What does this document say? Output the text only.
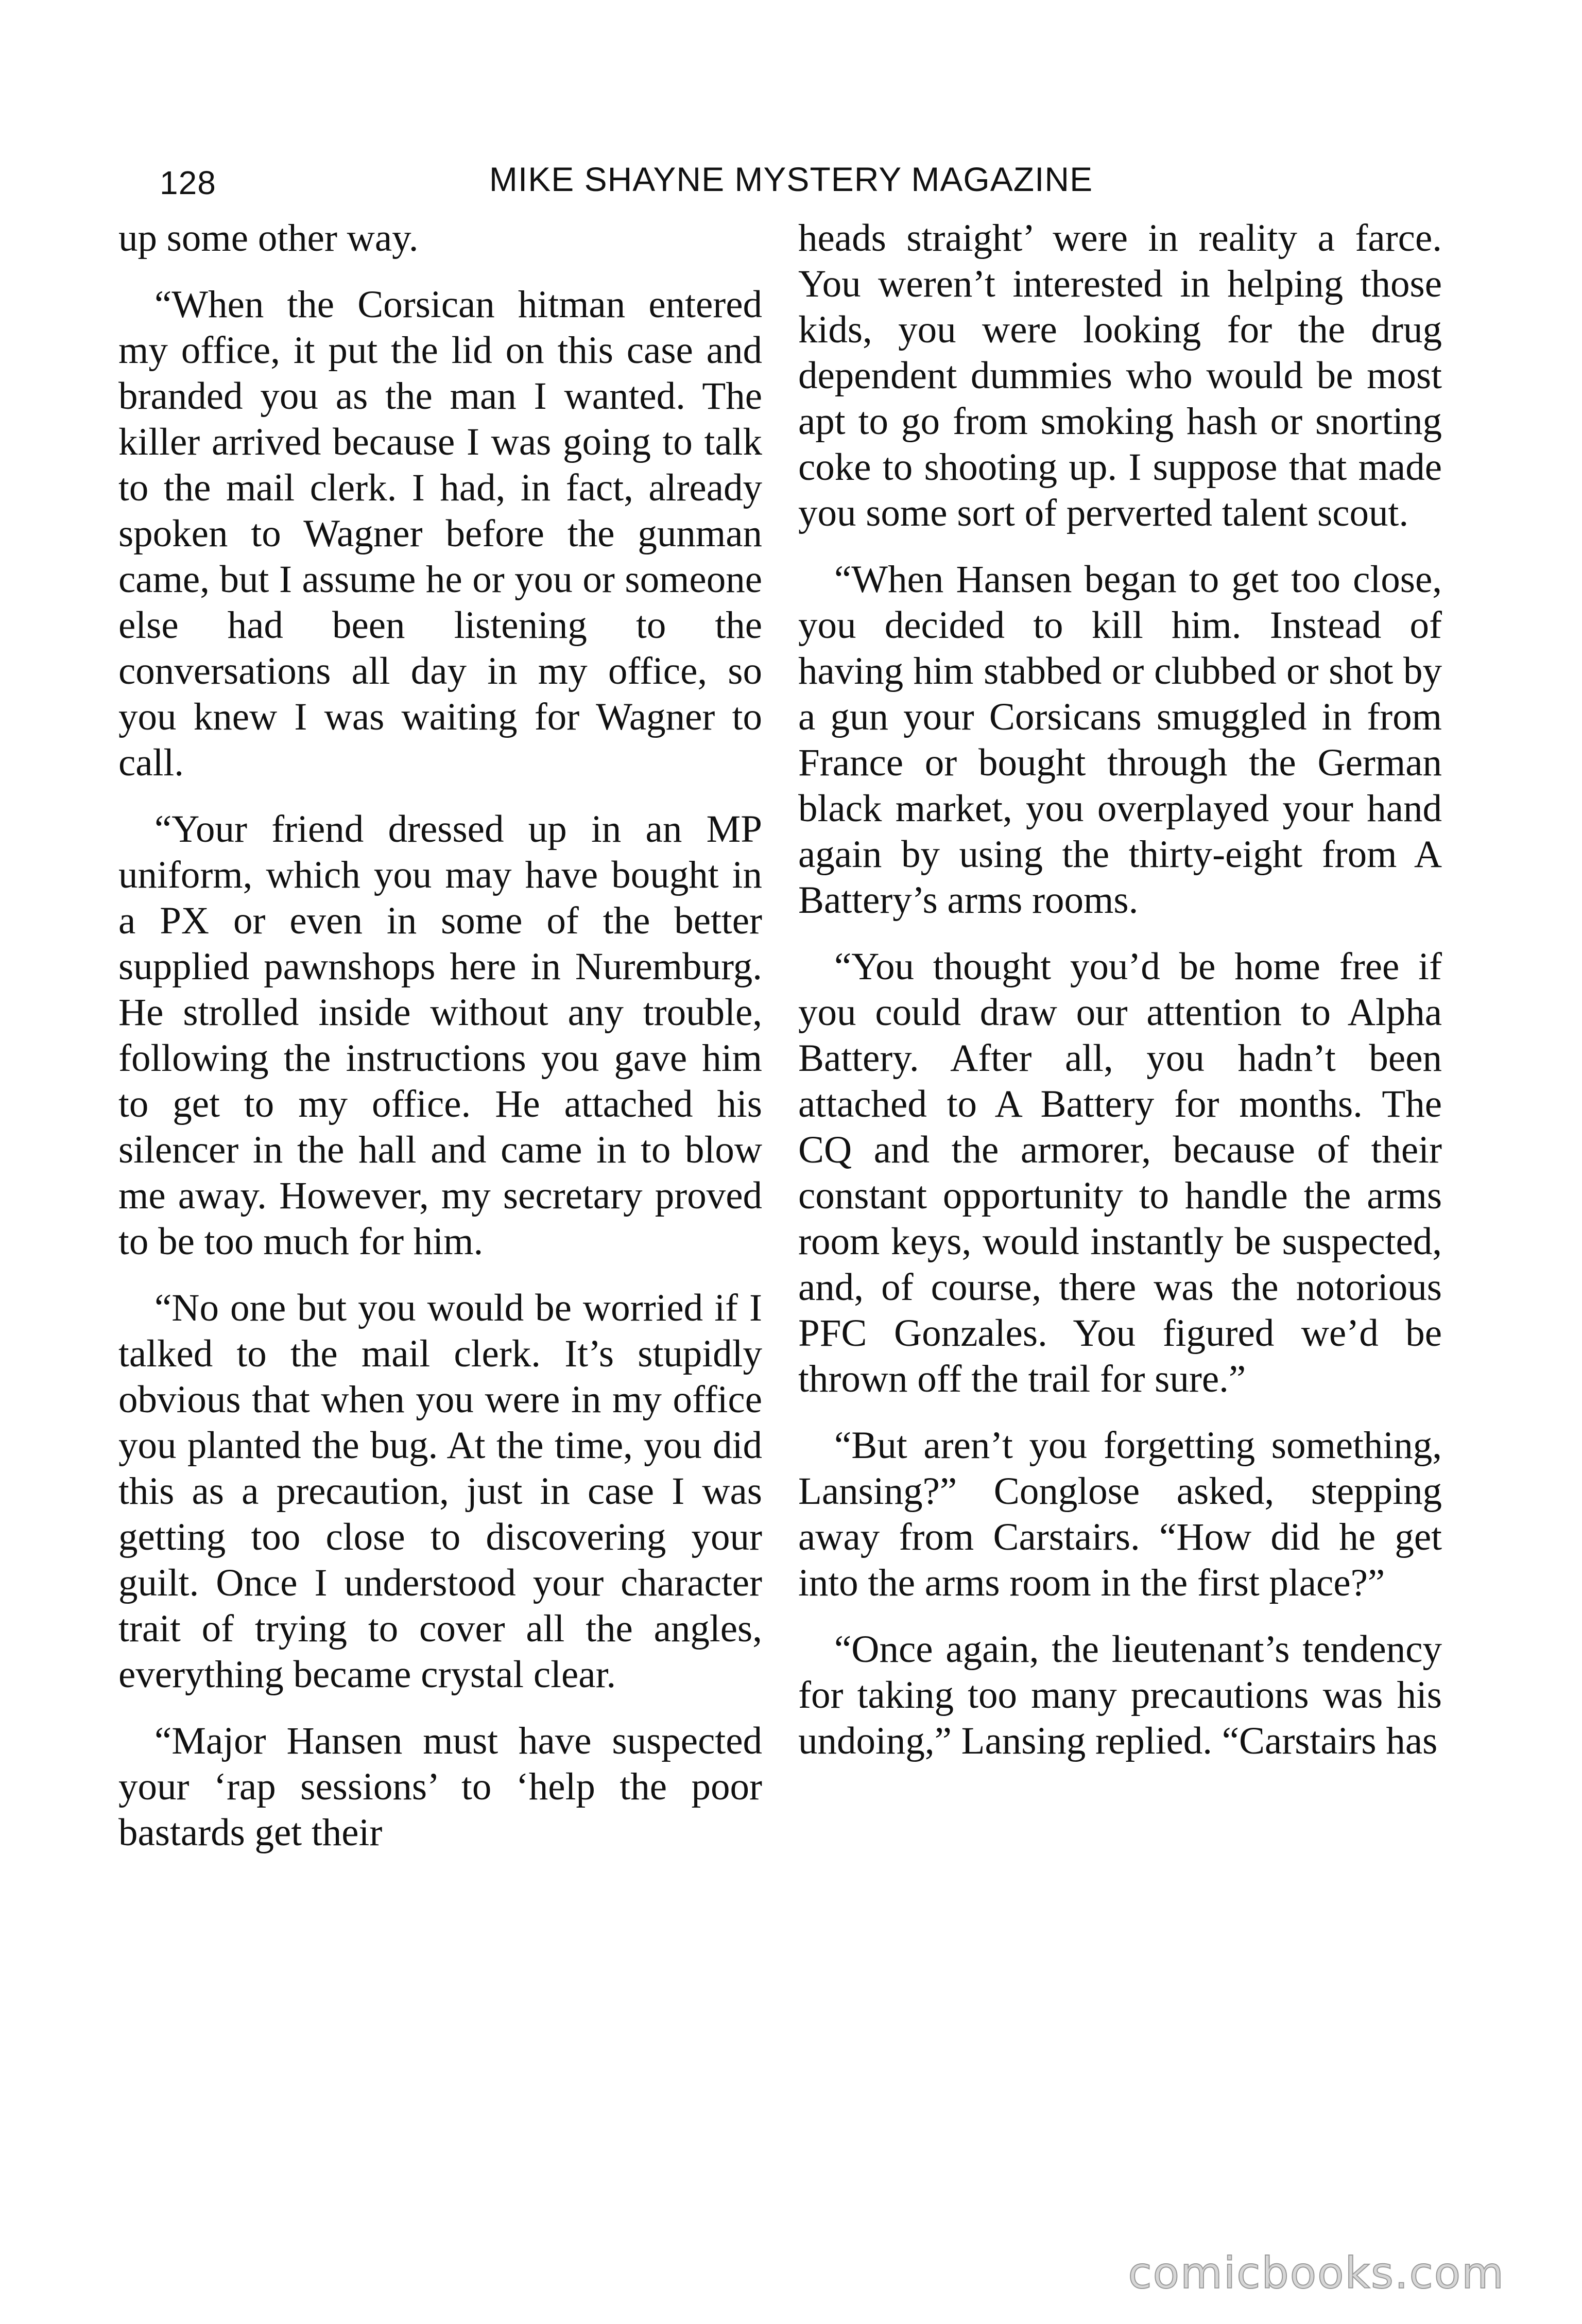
128	MIKE SHAYNE MYSTERY MAGAZINE

up some other way.

“When the Corsican hitman entered my office, it put the lid on this case and branded you as the man I wanted. The killer arrived because I was going to talk to the mail clerk. I had, in fact, already spoken to Wagner before the gunman came, but I assume he or you or someone else had been listening to the conversations all day in my office, so you knew I was waiting for Wagner to call.

“Your friend dressed up in an MP uniform, which you may have bought in a PX or even in some of the better supplied pawnshops here in Nuremburg. He strolled inside without any trouble, following the instructions you gave him to get to my office. He attached his silencer in the hall and came in to blow me away. However, my secretary proved to be too much for him.

“No one but you would be worried if I talked to the mail clerk. It’s stupidly obvious that when you were in my office you planted the bug. At the time, you did this as a precaution, just in case I was getting too close to discovering your guilt. Once I understood your character trait of trying to cover all the angles, everything became crystal clear.

“Major Hansen must have suspected your ‘rap sessions’ to ‘help the poor bastards get their

heads straight’ were in reality a farce. You weren’t interested in helping those kids, you were looking for the drug dependent dummies who would be most apt to go from smoking hash or snorting coke to shooting up. I suppose that made you some sort of perverted talent scout.

“When Hansen began to get too close, you decided to kill him. Instead of having him stabbed or clubbed or shot by a gun your Corsicans smuggled in from France or bought through the German black market, you overplayed your hand again by using the thirty-eight from A Battery’s arms rooms.

“You thought you’d be home free if you could draw our attention to Alpha Battery. After all, you hadn’t been attached to A Battery for months. The CQ and the armorer, because of their constant opportunity to handle the arms room keys, would instantly be suspected, and, of course, there was the notorious PFC Gonzales. You figured we’d be thrown off the trail for sure.”

“But aren’t you forgetting something, Lansing?” Conglose asked, stepping away from Carstairs. “How did he get into the arms room in the first place?”

“Once again, the lieutenant’s tendency for taking too many precautions was his undoing,” Lansing replied. “Carstairs has

comicbooks.com
